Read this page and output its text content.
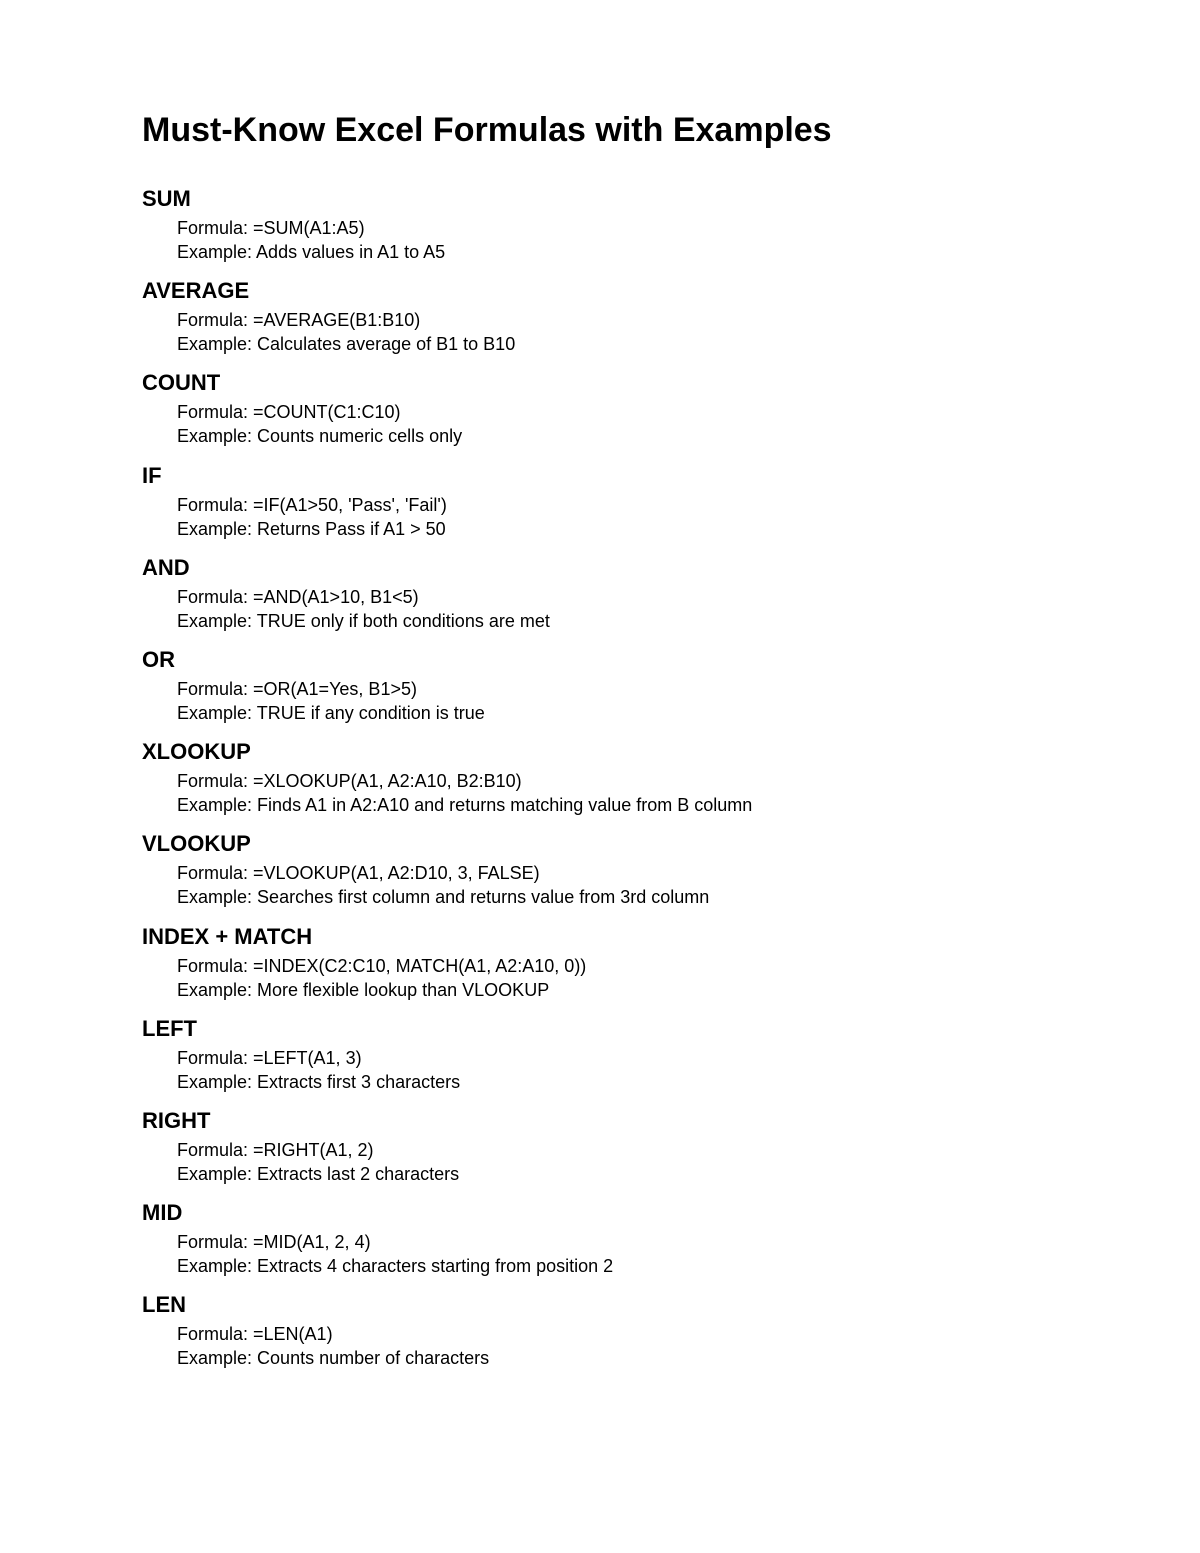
Must-Know Excel Formulas with Examples
SUM

Formula: =SUM(A1:A5)

Example: Adds values in A1 to A5

AVERAGE

Formula: =AVERAGE(B1:B10)

Example: Calculates average of B1 to B10

COUNT

Formula: =COUNT(C1:C10)

Example: Counts numeric cells only

IF

Formula: =IF(A1>50, 'Pass', 'Fail')

Example: Returns Pass if A1 > 50

AND

Formula: =AND(A1>10, B1<5)

Example: TRUE only if both conditions are met

OR

Formula: =OR(A1=Yes, B1>5)

Example: TRUE if any condition is true

XLOOKUP

Formula: =XLOOKUP(A1, A2:A10, B2:B10)

Example: Finds A1 in A2:A10 and returns matching value from B column

VLOOKUP

Formula: =VLOOKUP(A1, A2:D10, 3, FALSE)

Example: Searches first column and returns value from 3rd column

INDEX + MATCH

Formula: =INDEX(C2:C10, MATCH(A1, A2:A10, 0))

Example: More flexible lookup than VLOOKUP

LEFT

Formula: =LEFT(A1, 3)

Example: Extracts first 3 characters

RIGHT

Formula: =RIGHT(A1, 2)

Example: Extracts last 2 characters

MID

Formula: =MID(A1, 2, 4)

Example: Extracts 4 characters starting from position 2

LEN

Formula: =LEN(A1)

Example: Counts number of characters
